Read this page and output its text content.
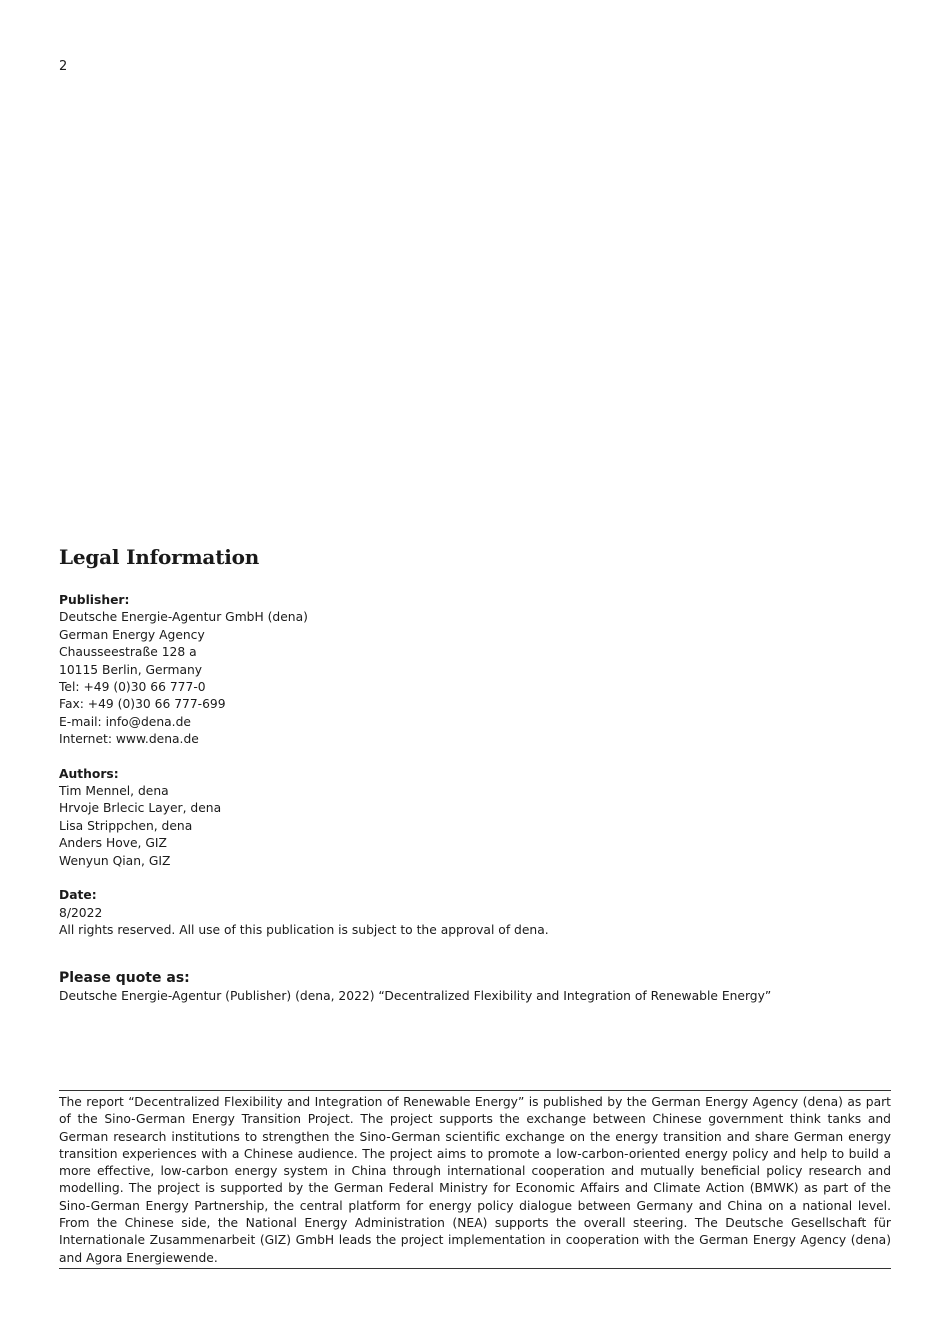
2
Legal Information
Publisher:
Deutsche Energie-Agentur GmbH (dena)
German Energy Agency
Chausseestraße 128 a
10115 Berlin, Germany
Tel: +49 (0)30 66 777-0
Fax: +49 (0)30 66 777-699
E-mail: info@dena.de
Internet: www.dena.de
Authors:
Tim Mennel, dena
Hrvoje Brlecic Layer, dena
Lisa Strippchen, dena
Anders Hove, GIZ
Wenyun Qian, GIZ
Date:
8/2022
All rights reserved. All use of this publication is subject to the approval of dena.
Please quote as:
Deutsche Energie-Agentur (Publisher) (dena, 2022) “Decentralized Flexibility and Integration of Renewable Energy”
The report “Decentralized Flexibility and Integration of Renewable Energy” is published by the German Energy Agency (dena) as part of the Sino-German Energy Transition Project. The project supports the exchange between Chinese government think tanks and German research institutions to strengthen the Sino-German scientific exchange on the energy transition and share German energy transition experiences with a Chinese audience. The project aims to promote a low-carbon-oriented energy policy and help to build a more effective, low-carbon energy system in China through international cooperation and mutually beneficial policy research and modelling. The project is supported by the German Federal Ministry for Economic Affairs and Climate Action (BMWK) as part of the Sino-German Energy Partnership, the central platform for energy policy dialogue between Germany and China on a national level. From the Chinese side, the National Energy Administration (NEA) supports the overall steering. The Deutsche Gesellschaft für Internationale Zusammenarbeit (GIZ) GmbH leads the project implementation in cooperation with the German Energy Agency (dena) and Agora Energiewende.
